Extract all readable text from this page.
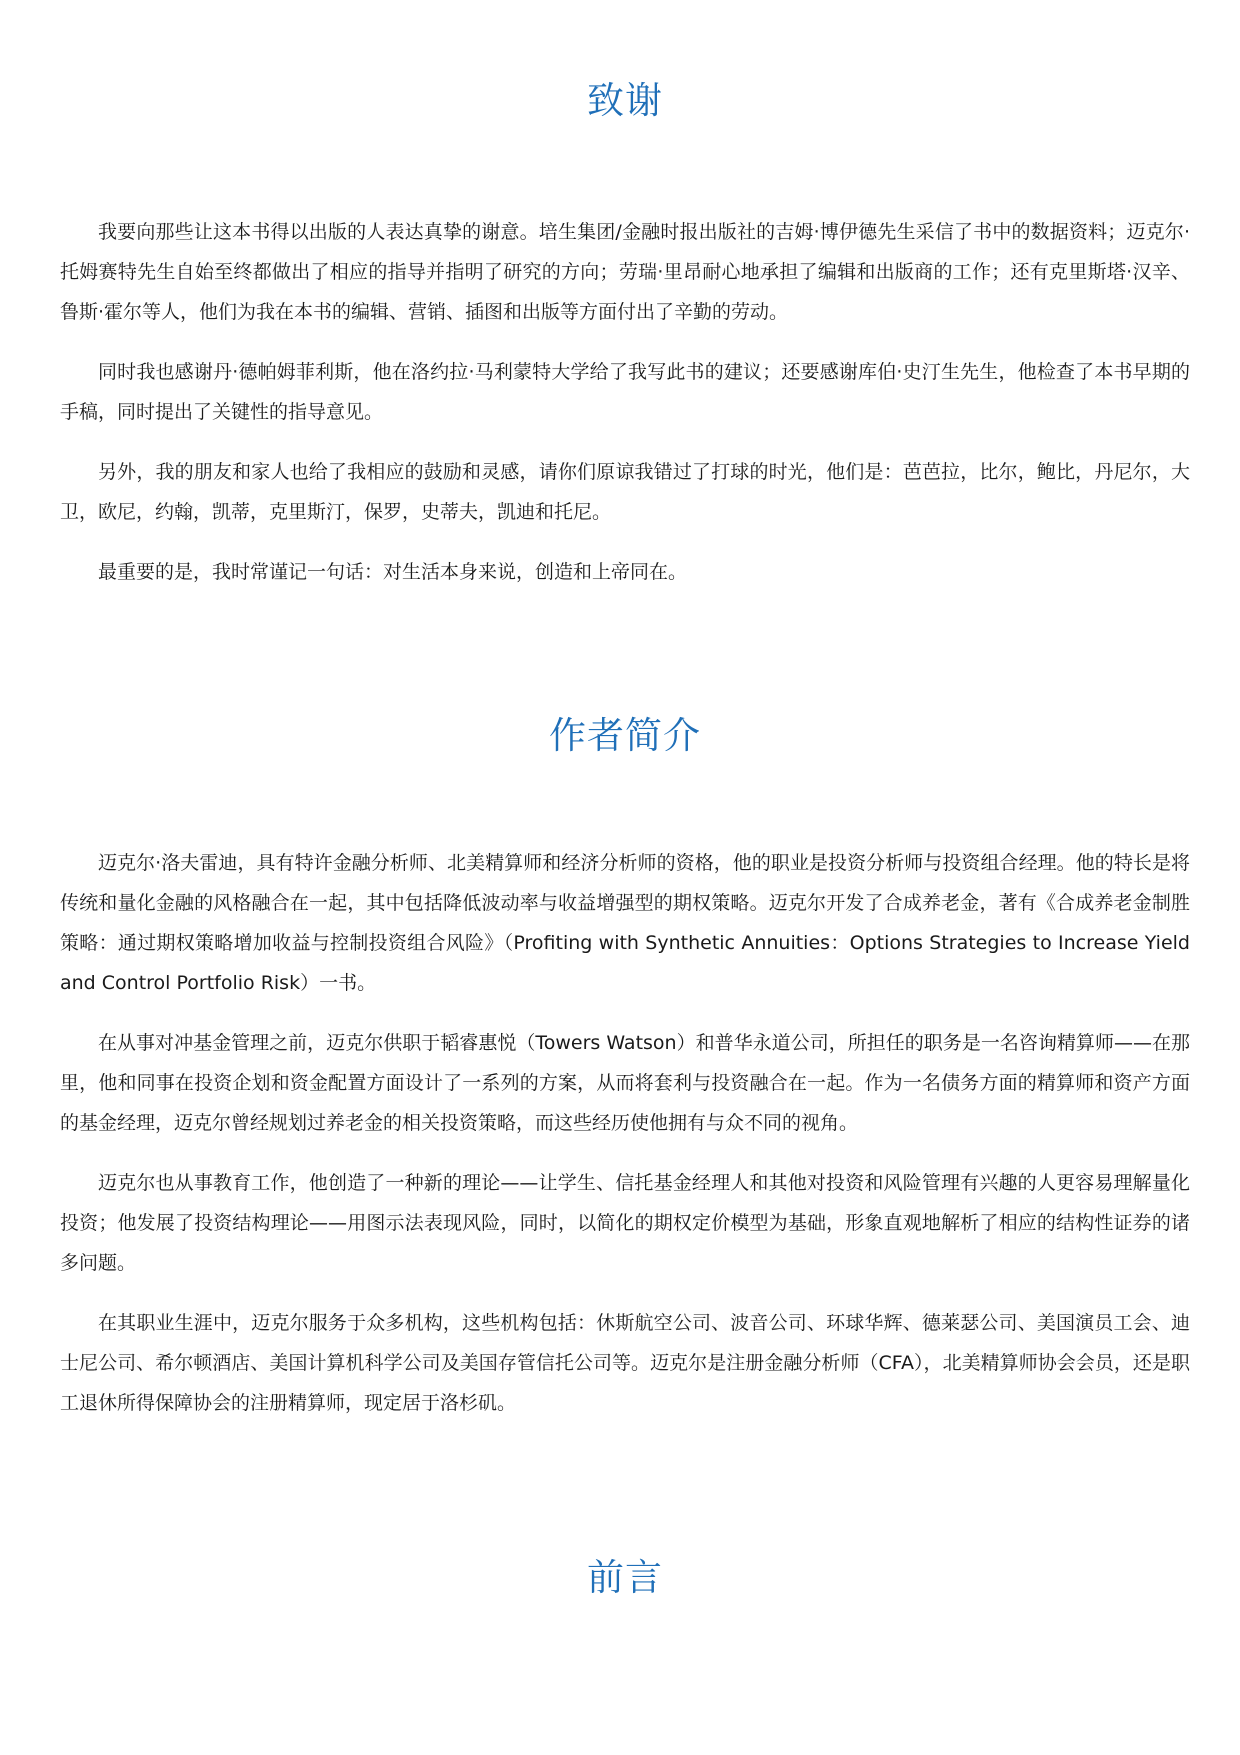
致谢

我要向那些让这本书得以出版的人表达真挚的谢意。培生集团/金融时报出版社的吉姆·博伊德先生采信了书中的数据资料；迈克尔·托姆赛特先生自始至终都做出了相应的指导并指明了研究的方向；劳瑞·里昂耐心地承担了编辑和出版商的工作；还有克里斯塔·汉辛、鲁斯·霍尔等人，他们为我在本书的编辑、营销、插图和出版等方面付出了辛勤的劳动。

同时我也感谢丹·德帕姆菲利斯，他在洛约拉·马利蒙特大学给了我写此书的建议；还要感谢库伯·史汀生先生，他检查了本书早期的手稿，同时提出了关键性的指导意见。

另外，我的朋友和家人也给了我相应的鼓励和灵感，请你们原谅我错过了打球的时光，他们是：芭芭拉，比尔，鲍比，丹尼尔，大卫，欧尼，约翰，凯蒂，克里斯汀，保罗，史蒂夫，凯迪和托尼。

最重要的是，我时常谨记一句话：对生活本身来说，创造和上帝同在。

作者简介

迈克尔·洛夫雷迪，具有特许金融分析师、北美精算师和经济分析师的资格，他的职业是投资分析师与投资组合经理。他的特长是将传统和量化金融的风格融合在一起，其中包括降低波动率与收益增强型的期权策略。迈克尔开发了合成养老金，著有《合成养老金制胜策略：通过期权策略增加收益与控制投资组合风险》（Profiting with Synthetic Annuities：Options Strategies to Increase Yield and Control Portfolio Risk）一书。

在从事对冲基金管理之前，迈克尔供职于韬睿惠悦（Towers Watson）和普华永道公司，所担任的职务是一名咨询精算师——在那里，他和同事在投资企划和资金配置方面设计了一系列的方案，从而将套利与投资融合在一起。作为一名债务方面的精算师和资产方面的基金经理，迈克尔曾经规划过养老金的相关投资策略，而这些经历使他拥有与众不同的视角。

迈克尔也从事教育工作，他创造了一种新的理论——让学生、信托基金经理人和其他对投资和风险管理有兴趣的人更容易理解量化投资；他发展了投资结构理论——用图示法表现风险，同时，以简化的期权定价模型为基础，形象直观地解析了相应的结构性证券的诸多问题。

在其职业生涯中，迈克尔服务于众多机构，这些机构包括：休斯航空公司、波音公司、环球华辉、德莱瑟公司、美国演员工会、迪士尼公司、希尔顿酒店、美国计算机科学公司及美国存管信托公司等。迈克尔是注册金融分析师（CFA），北美精算师协会会员，还是职工退休所得保障协会的注册精算师，现定居于洛杉矶。

前言
